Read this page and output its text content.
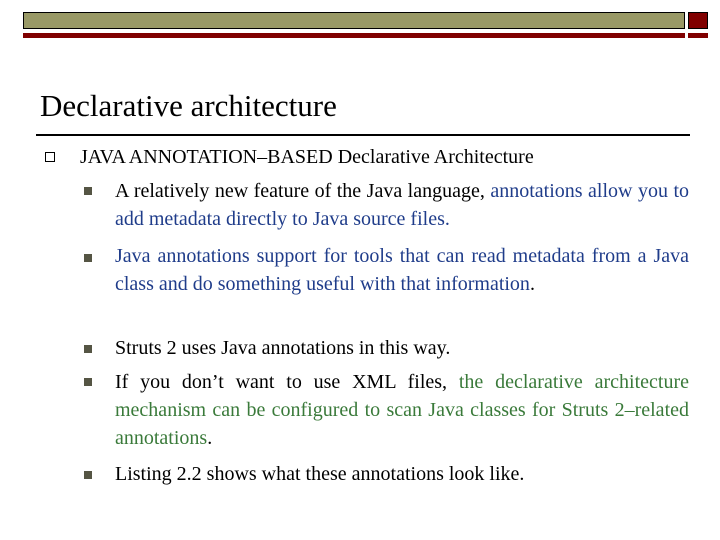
Declarative architecture
JAVA ANNOTATION–BASED Declarative Architecture
A relatively new feature of the Java language, annotations allow you to add metadata directly to Java source files.
Java annotations support for tools that can read metadata from a Java class and do something useful with that information.
Struts 2 uses Java annotations in this way.
If you don’t want to use XML files, the declarative architecture mechanism can be configured to scan Java classes for Struts 2–related annotations.
Listing 2.2 shows what these annotations look like.
